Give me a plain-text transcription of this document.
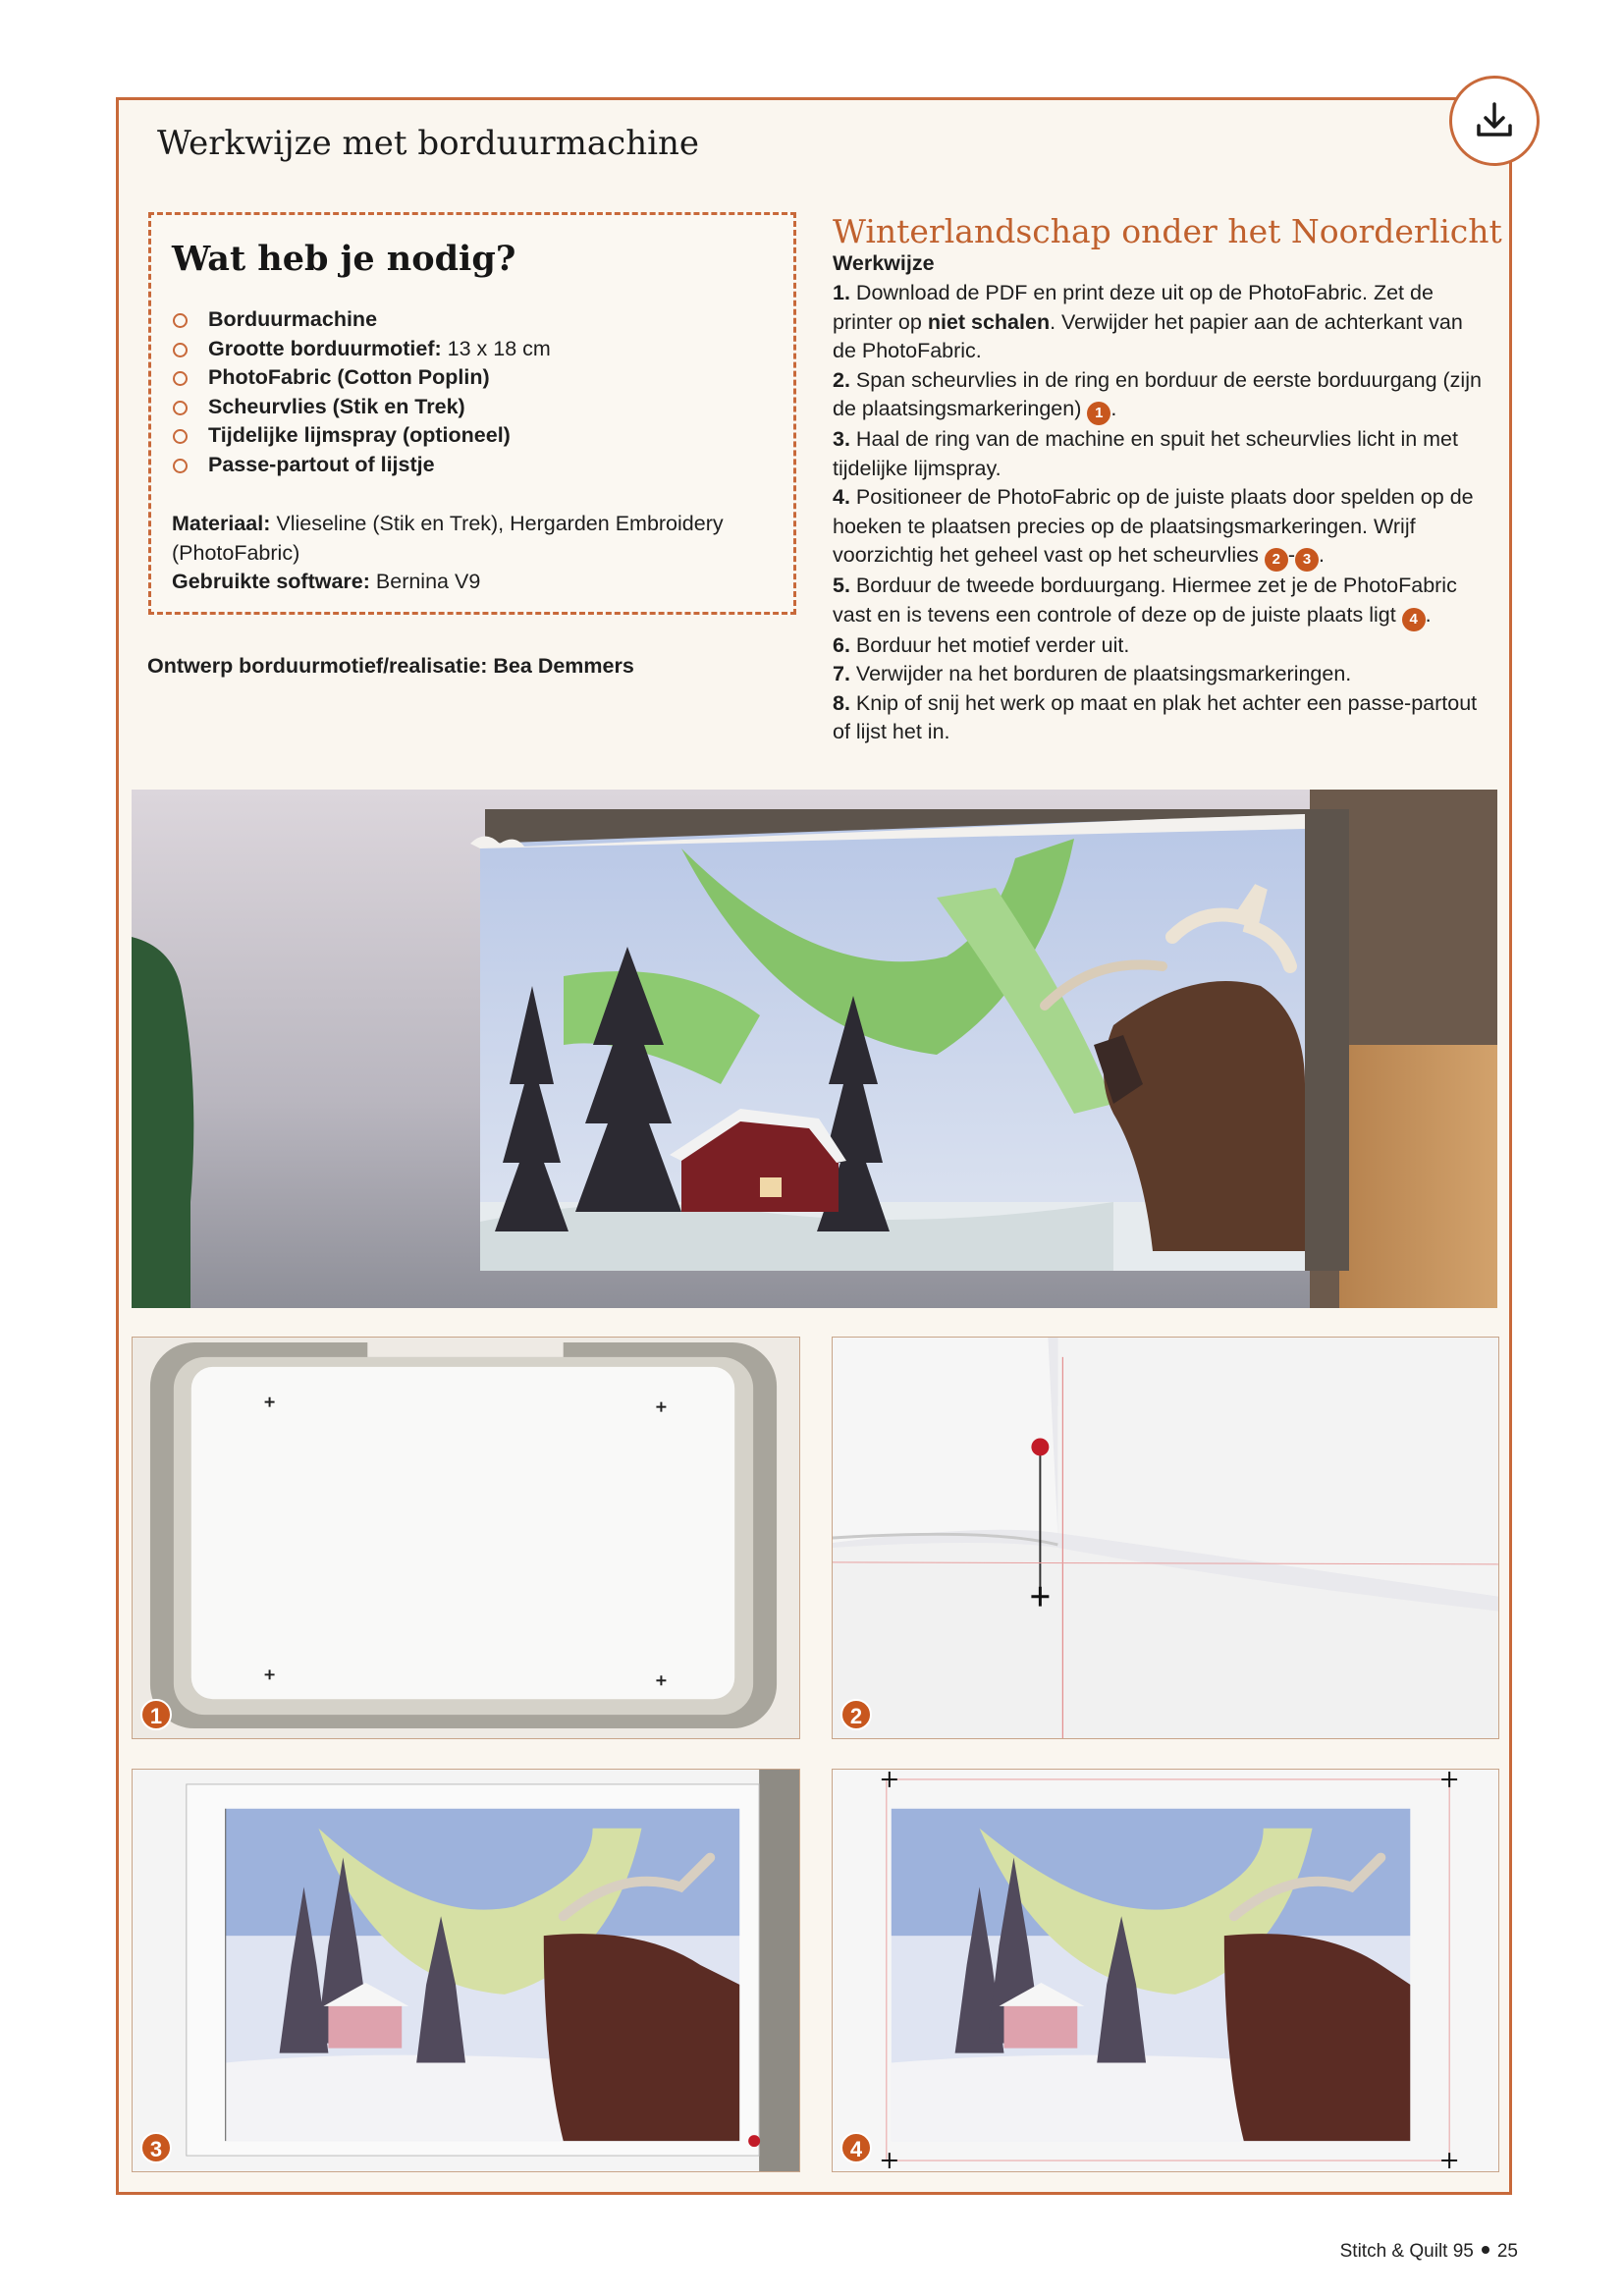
Werkwijze met borduurmachine
Wat heb je nodig?
Borduurmachine
Grootte borduurmotief: 13 x 18 cm
PhotoFabric (Cotton Poplin)
Scheurvlies (Stik en Trek)
Tijdelijke lijmspray (optioneel)
Passe-partout of lijstje
Materiaal: Vlieseline (Stik en Trek), Hergarden Embroidery (PhotoFabric)
Gebruikte software: Bernina V9
Ontwerp borduurmotief/realisatie: Bea Demmers
Winterlandschap onder het Noorderlicht
Werkwijze

1. Download de PDF en print deze uit op de PhotoFabric. Zet de printer op niet schalen. Verwijder het papier aan de achterkant van de PhotoFabric.

2. Span scheurvlies in de ring en borduur de eerste borduurgang (zijn de plaatsingsmarkeringen) 1 .

3. Haal de ring van de machine en spuit het scheurvlies licht in met tijdelijke lijmspray.

4. Positioneer de PhotoFabric op de juiste plaats door spelden op de hoeken te plaatsen precies op de plaatsingsmarkeringen. Wrijf voorzichtig het geheel vast op het scheurvlies 2 - 3 .

5. Borduur de tweede borduurgang. Hiermee zet je de PhotoFabric vast en is tevens een controle of deze op de juiste plaats ligt 4 .

6. Borduur het motief verder uit.

7. Verwijder na het borduren de plaatsingsmarkeringen.

8. Knip of snij het werk op maat en plak het achter een passe-partout of lijst het in.

1	2
3	4
Stitch & Quilt 95 25
